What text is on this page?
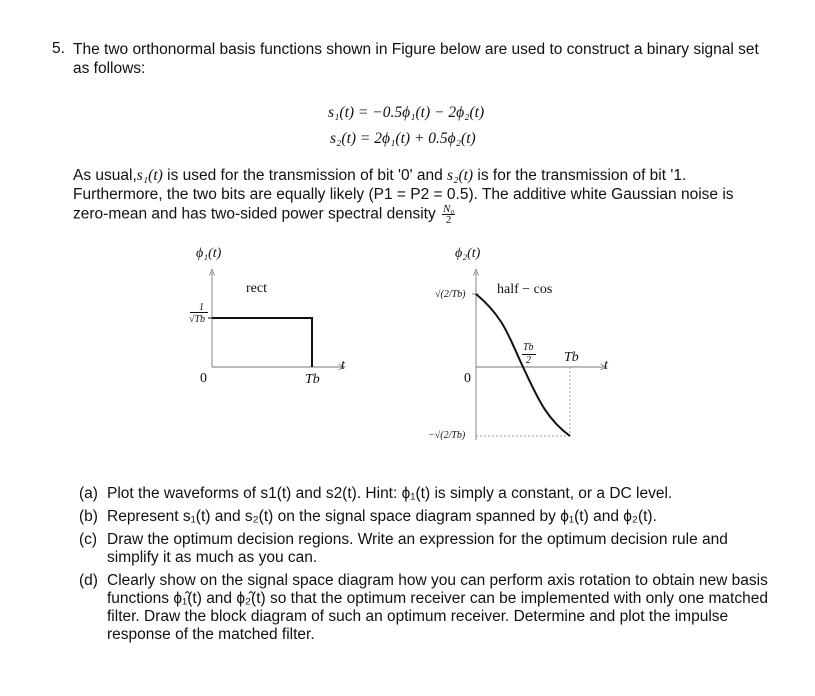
5. The two orthonormal basis functions shown in Figure below are used to construct a binary signal set as follows:
s₁(t) = −0.5ϕ₁(t) − 2ϕ₂(t)
s₂(t) = 2ϕ₁(t) + 0.5ϕ₂(t)
As usual,s₁(t) is used for the transmission of bit '0' and s₂(t) is for the transmission of bit '1. Furthermore, the two bits are equally likely (P1 = P2 = 0.5). The additive white Gaussian noise is zero-mean and has two-sided power spectral density $\frac{\text{N₀}}{2}$
ϕ₁(t)
rect
1
√Tb
0	Tb
t
ϕ₂(t)
half − cos
√(2/Tb)
0
−√(2/Tb)
Tb
2 Tb
t
(a) Plot the waveforms of s1(t) and s2(t). Hint: ϕ₁(t) is simply a constant, or a DC level.
(b) Represent s₁(t) and s₂(t) on the signal space diagram spanned by ϕ₁(t) and ϕ₂(t).
(c) Draw the optimum decision regions. Write an expression for the optimum decision rule and simplify it as much as you can.
(d) Clearly show on the signal space diagram how you can perform axis rotation to obtain new basis functions ϕ₁̂(t) and ϕ₂̂(t) so that the optimum receiver can be implemented with only one matched filter. Draw the block diagram of such an optimum receiver. Determine and plot the impulse response of the matched filter.
